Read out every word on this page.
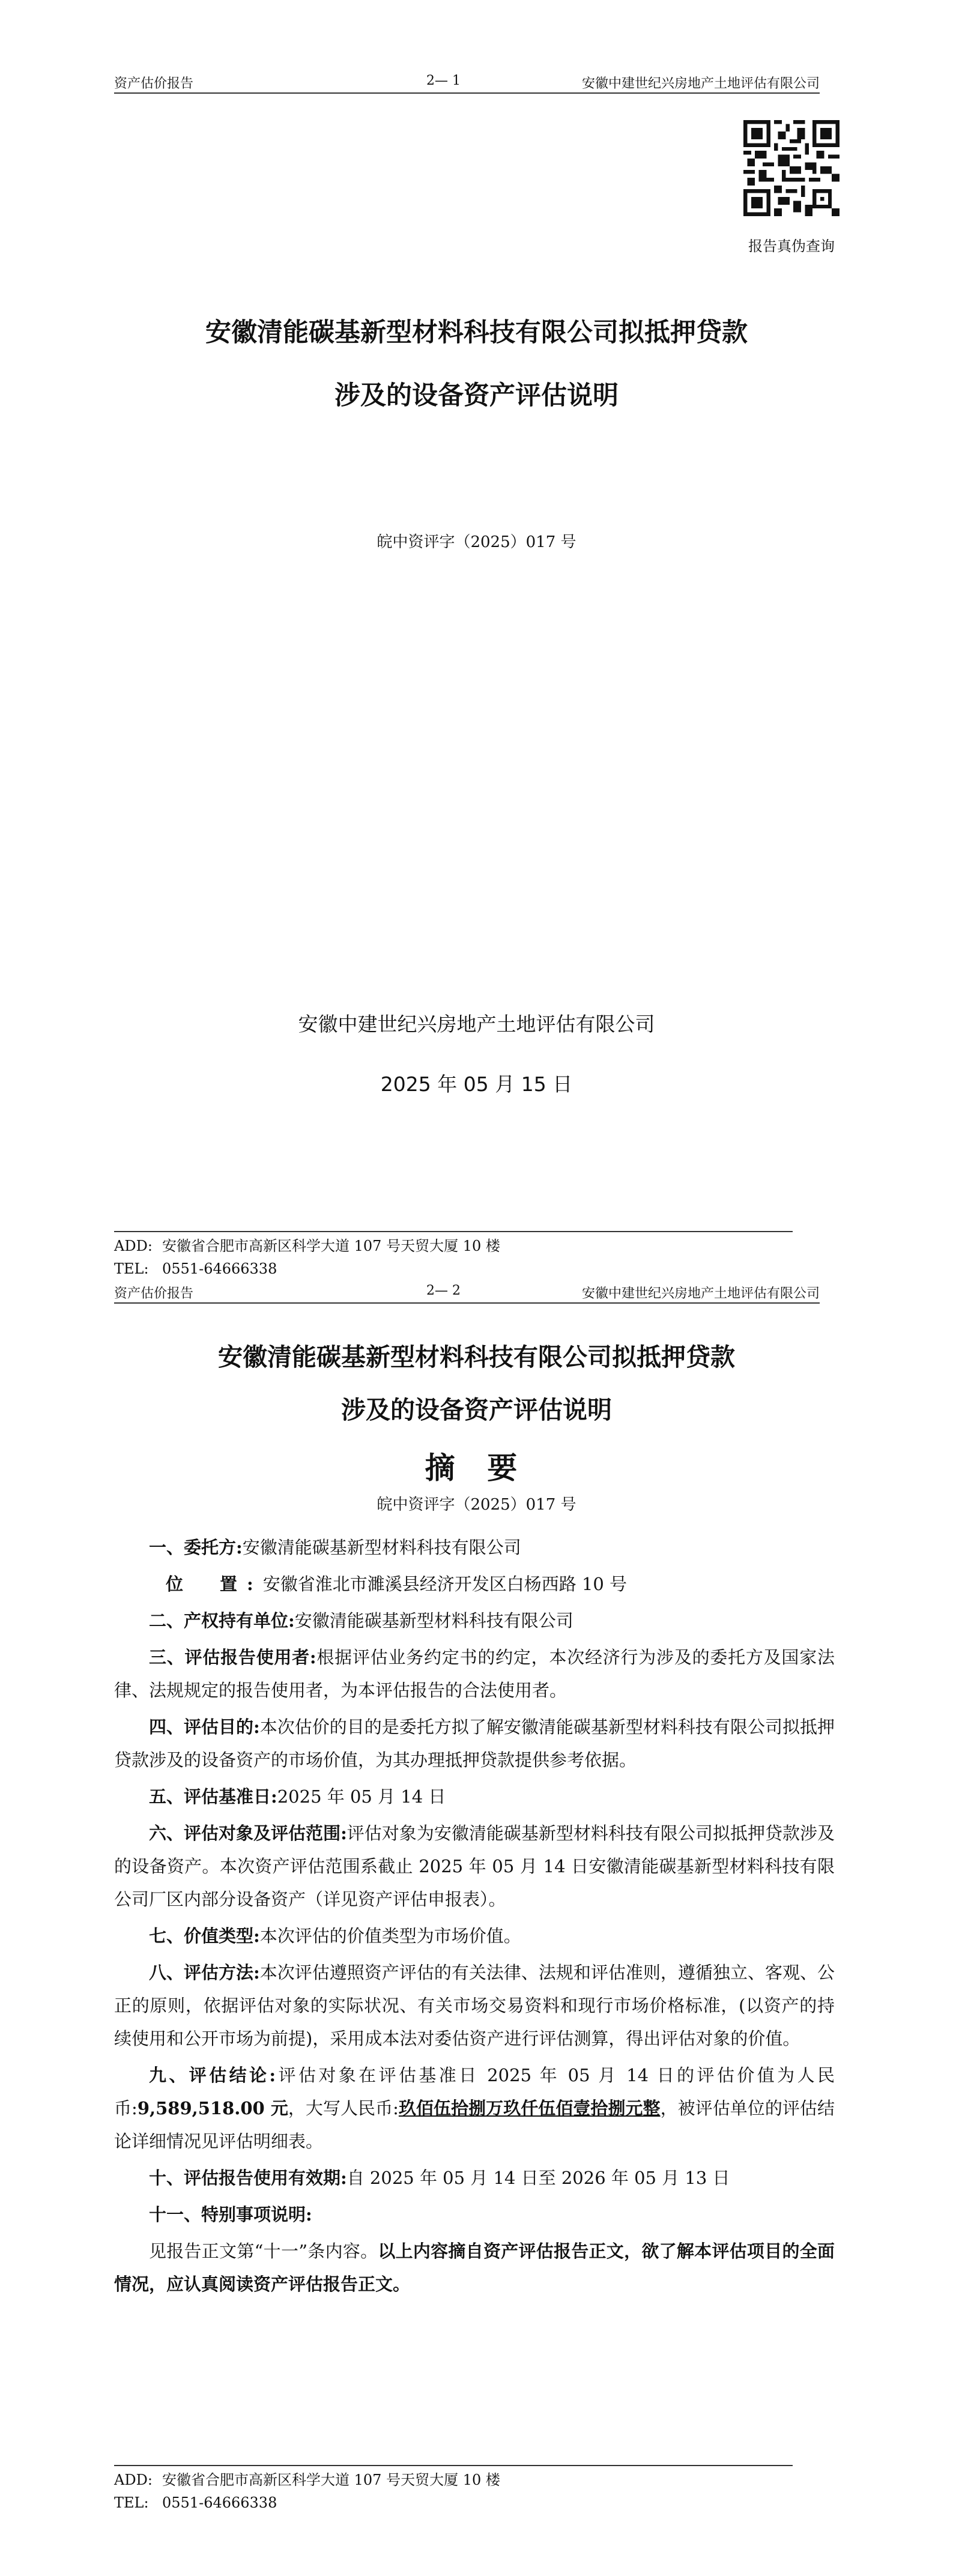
资产估价报告	2— 1	安徽中建世纪兴房地产土地评估有限公司
报告真伪查询
安徽清能碳基新型材料科技有限公司拟抵押贷款
涉及的设备资产评估说明
皖中资评字（2025）017 号
安徽中建世纪兴房地产土地评估有限公司
2025 年 05 月 15 日
ADD: 安徽省合肥市高新区科学大道 107 号天贸大厦 10 楼
TEL: 0551-64666338
资产估价报告	2— 2	安徽中建世纪兴房地产土地评估有限公司
安徽清能碳基新型材料科技有限公司拟抵押贷款
涉及的设备资产评估说明
摘 要
皖中资评字（2025）017 号
ADD: 安徽省合肥市高新区科学大道 107 号天贸大厦 10 楼
TEL: 0551-64666338

一、委托方:安徽清能碳基新型材料科技有限公司

位　置:安徽省淮北市濉溪县经济开发区白杨西路 10 号

二、产权持有单位:安徽清能碳基新型材料科技有限公司

三、评估报告使用者:根据评估业务约定书的约定，本次经济行为涉及的委托方及国家法律、法规规定的报告使用者，为本评估报告的合法使用者。

四、评估目的:本次估价的目的是委托方拟了解安徽清能碳基新型材料科技有限公司拟抵押贷款涉及的设备资产的市场价值，为其办理抵押贷款提供参考依据。

五、评估基准日:2025 年 05 月 14 日

六、评估对象及评估范围:评估对象为安徽清能碳基新型材料科技有限公司拟抵押贷款涉及的设备资产。本次资产评估范围系截止 2025 年 05 月 14 日安徽清能碳基新型材料科技有限公司厂区内部分设备资产（详见资产评估申报表）。

七、价值类型:本次评估的价值类型为市场价值。

八、评估方法:本次评估遵照资产评估的有关法律、法规和评估准则，遵循独立、客观、公正的原则，依据评估对象的实际状况、有关市场交易资料和现行市场价格标准，(以资产的持续使用和公开市场为前提)，采用成本法对委估资产进行评估测算，得出评估对象的价值。

九、评估结论:评估对象在评估基准日 2025 年 05 月 14 日的评估价值为人民币:9,589,518.00 元，大写人民币:玖佰伍拾捌万玖仟伍佰壹拾捌元整，被评估单位的评估结论详细情况见评估明细表。

十、评估报告使用有效期:自 2025 年 05 月 14 日至 2026 年 05 月 13 日

十一、特别事项说明:

见报告正文第“十一”条内容。以上内容摘自资产评估报告正文，欲了解本评估项目的全面情况，应认真阅读资产评估报告正文。
